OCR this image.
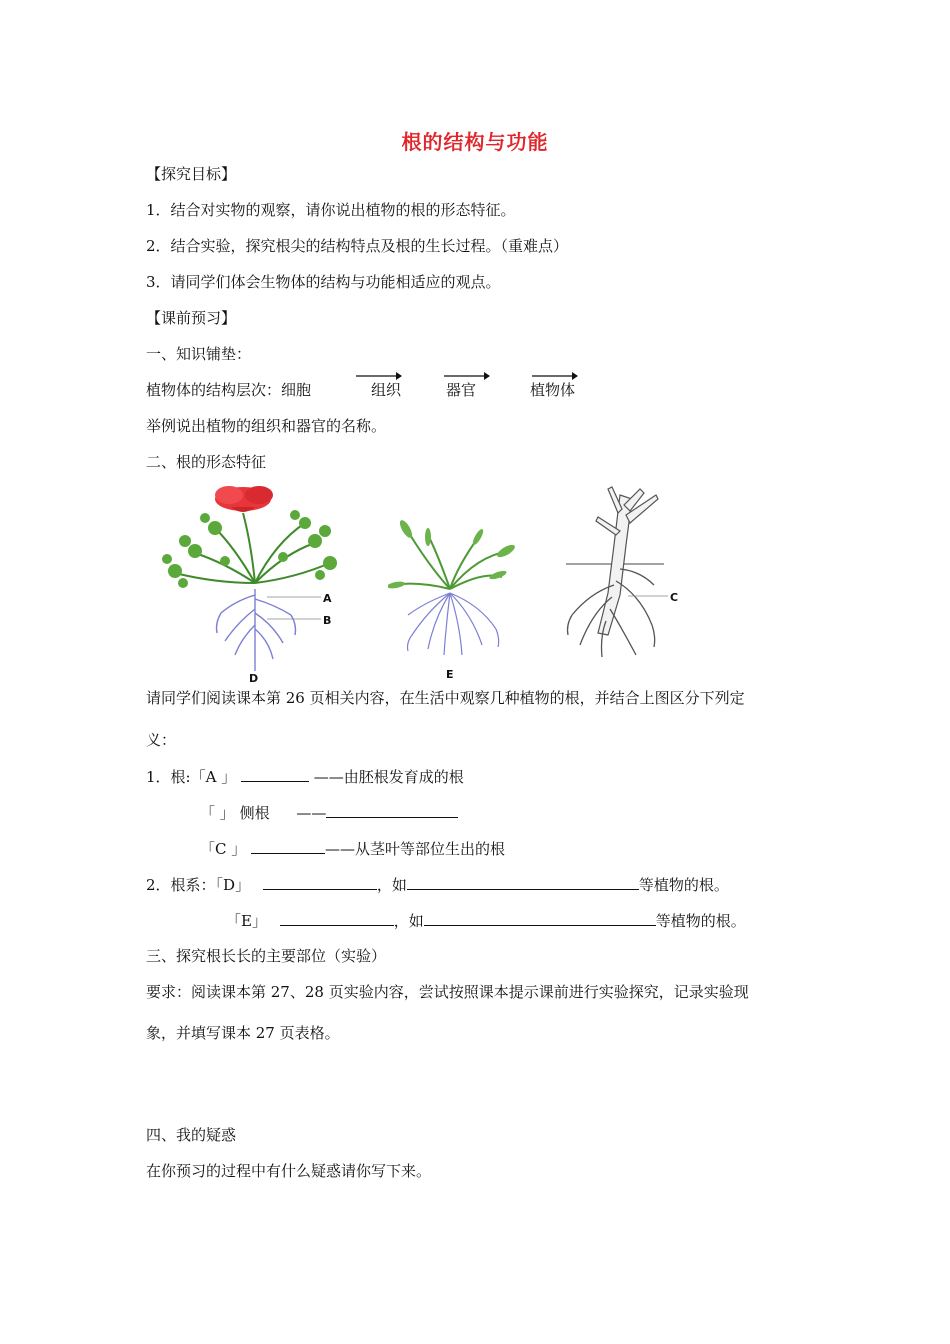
根的结构与功能
【探究目标】
1．结合对实物的观察，请你说出植物的根的形态特征。
2．结合实验，探究根尖的结构特点及根的生长过程。（重难点）
3．请同学们体会生物体的结构与功能相适应的观点。
【课前预习】
一、知识铺垫：
植物体的结构层次：细胞	组织	器官	植物体
举例说出植物的组织和器官的名称。
二、根的形态特征
A
B
D	E
C
请同学们阅读课本第 26 页相关内容，在生活中观察几种植物的根，并结合上图区分下列定
义：
1．根:「A 」	——由胚根发育成的根
「 」 侧根 ——
「C 」	——从茎叶等部位生出的根
2．根系：「D」	，如	等植物的根。
「E」	，如	等植物的根。
三、探究根长长的主要部位（实验）
要求：阅读课本第 27、28 页实验内容，尝试按照课本提示课前进行实验探究，记录实验现
象，并填写课本 27 页表格。
四、我的疑惑
在你预习的过程中有什么疑惑请你写下来。
